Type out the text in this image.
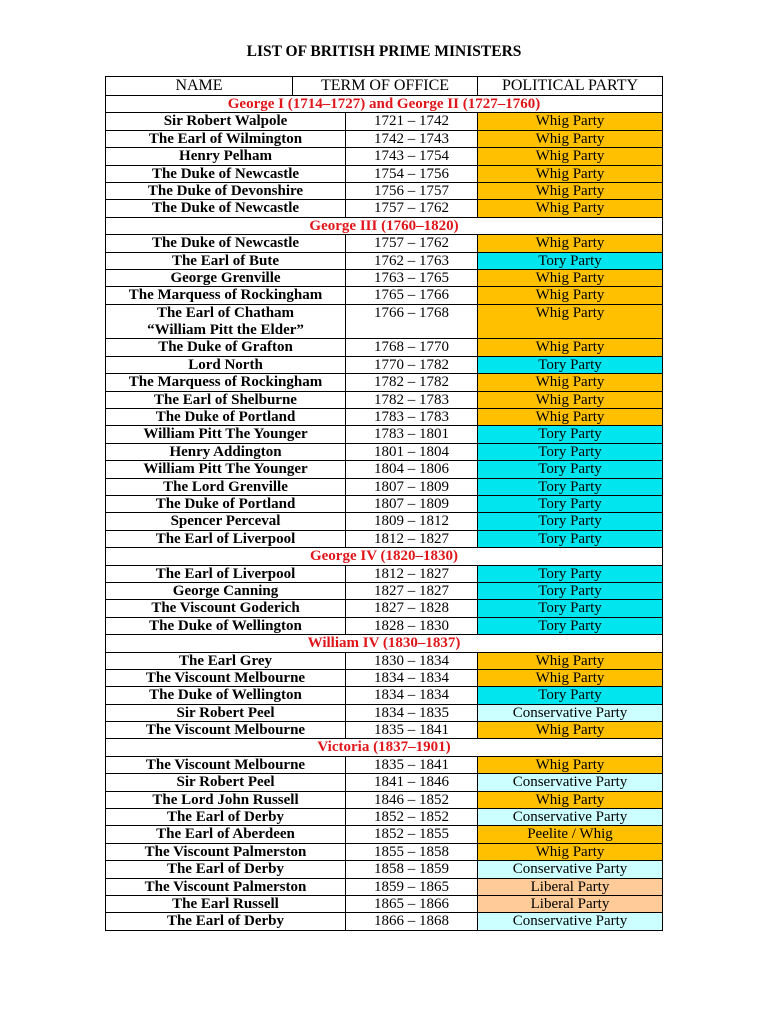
LIST OF BRITISH PRIME MINISTERS
NAME	TERM OF OFFICE	POLITICAL PARTY
George I (1714–1727) and George II (1727–1760)
Sir Robert Walpole	1721 – 1742	Whig Party
The Earl of Wilmington	1742 – 1743	Whig Party
Henry Pelham	1743 – 1754	Whig Party
The Duke of Newcastle	1754 – 1756	Whig Party
The Duke of Devonshire	1756 – 1757	Whig Party
The Duke of Newcastle	1757 – 1762	Whig Party
George III (1760–1820)
The Duke of Newcastle	1757 – 1762	Whig Party
The Earl of Bute	1762 – 1763	Tory Party
George Grenville	1763 – 1765	Whig Party
The Marquess of Rockingham	1765 – 1766	Whig Party
The Earl of Chatham
“William Pitt the Elder”
1766 – 1768	Whig Party
The Duke of Grafton	1768 – 1770	Whig Party
Lord North	1770 – 1782	Tory Party
The Marquess of Rockingham	1782 – 1782	Whig Party
The Earl of Shelburne	1782 – 1783	Whig Party
The Duke of Portland	1783 – 1783	Whig Party
William Pitt The Younger	1783 – 1801	Tory Party
Henry Addington	1801 – 1804	Tory Party
William Pitt The Younger	1804 – 1806	Tory Party
The Lord Grenville	1807 – 1809	Tory Party
The Duke of Portland	1807 – 1809	Tory Party
Spencer Perceval	1809 – 1812	Tory Party
The Earl of Liverpool	1812 – 1827	Tory Party
George IV (1820–1830)
The Earl of Liverpool	1812 – 1827	Tory Party
George Canning	1827 – 1827	Tory Party
The Viscount Goderich	1827 – 1828	Tory Party
The Duke of Wellington	1828 – 1830	Tory Party
William IV (1830–1837)
The Earl Grey	1830 – 1834	Whig Party
The Viscount Melbourne	1834 – 1834	Whig Party
The Duke of Wellington	1834 – 1834	Tory Party
Sir Robert Peel	1834 – 1835	Conservative Party
The Viscount Melbourne	1835 – 1841	Whig Party
Victoria (1837–1901)
The Viscount Melbourne	1835 – 1841	Whig Party
Sir Robert Peel	1841 – 1846	Conservative Party
The Lord John Russell	1846 – 1852	Whig Party
The Earl of Derby	1852 – 1852	Conservative Party
The Earl of Aberdeen	1852 – 1855	Peelite / Whig
The Viscount Palmerston	1855 – 1858	Whig Party
The Earl of Derby	1858 – 1859	Conservative Party
The Viscount Palmerston	1859 – 1865	Liberal Party
The Earl Russell	1865 – 1866	Liberal Party
The Earl of Derby	1866 – 1868	Conservative Party
